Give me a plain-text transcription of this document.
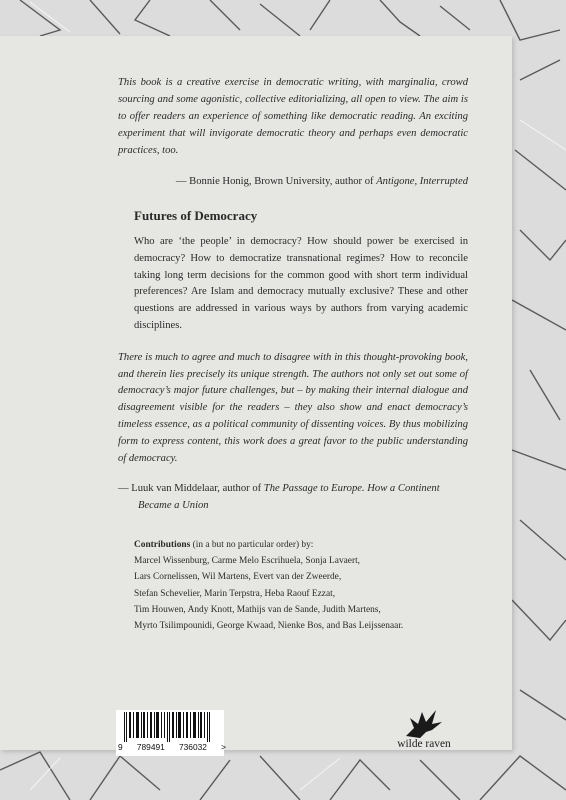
This book is a creative exercise in democratic writing, with marginalia, crowd sourcing and some agonistic, collective editorializing, all open to view. The aim is to offer readers an experience of something like democratic reading. An exciting experiment that will invigorate democratic theory and perhaps even democratic practices, too.

— Bonnie Honig, Brown University, author of Antigone, Interrupted

Futures of Democracy

Who are ‘the people’ in democracy? How should power be exercised in democracy? How to democratize transnational regimes? How to reconcile taking long term decisions for the common good with short term individual preferences? Are Islam and democracy mutually exclusive? These and other questions are addressed in various ways by authors from varying academic disciplines.

There is much to agree and much to disagree with in this thought-provoking book, and therein lies precisely its unique strength. The authors not only set out some of democracy’s major future challenges, but – by making their internal dialogue and disagreement visible for the readers – they also show and enact democracy’s timeless essence, as a political community of dissenting voices. By thus mobilizing form to express content, this work does a great favor to the public understanding of democracy.

— Luuk van Middelaar, author of The Passage to Europe. How a Continent Became a Union

Contributions (in a but no particular order) by:
Marcel Wissenburg, Carme Melo Escrihuela, Sonja Lavaert,
Lars Cornelissen, Wil Martens, Evert van der Zweerde,
Stefan Schevelier, Marin Terpstra, Heba Raouf Ezzat,
Tim Houwen, Andy Knott, Mathijs van de Sande, Judith Martens,
Myrto Tsilimpounidi, George Kwaad, Nienke Bos, and Bas Leijssenaar.
9 789491 736032 >	wilde raven
